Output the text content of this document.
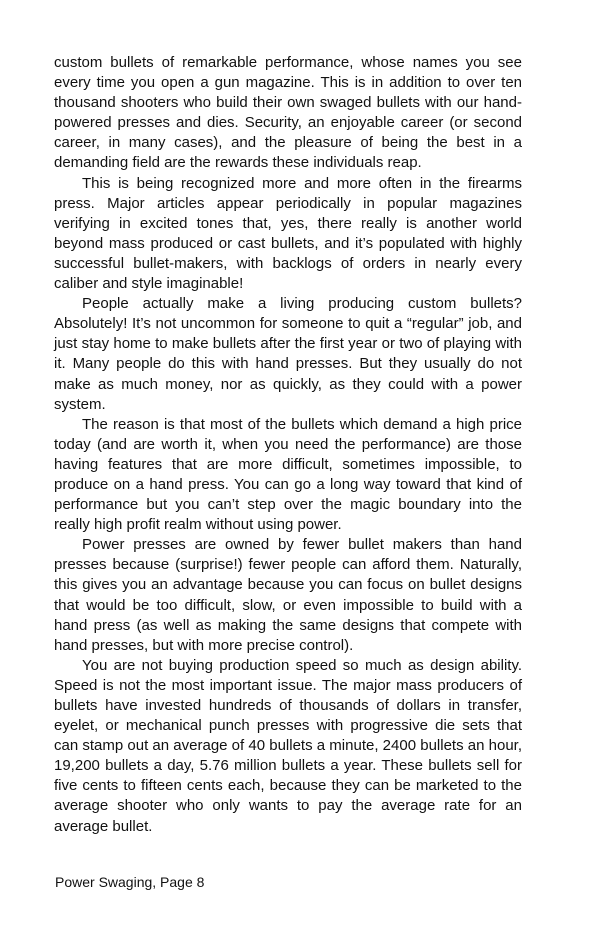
custom bullets of remarkable performance, whose names you see every time you open a gun magazine. This is in addition to over ten thousand shooters who build their own swaged bullets with our hand-powered presses and dies. Security, an enjoyable career (or second career, in many cases), and the pleasure of being the best in a demanding field are the rewards these individuals reap.

This is being recognized more and more often in the firearms press. Major articles appear periodically in popular magazines verifying in excited tones that, yes, there really is another world beyond mass produced or cast bullets, and it’s populated with highly successful bullet-makers, with backlogs of orders in nearly every caliber and style imaginable!

People actually make a living producing custom bullets? Absolutely! It’s not uncommon for someone to quit a “regular” job, and just stay home to make bullets after the first year or two of playing with it. Many people do this with hand presses. But they usually do not make as much money, nor as quickly, as they could with a power system.

The reason is that most of the bullets which demand a high price today (and are worth it, when you need the performance) are those having features that are more difficult, sometimes impossible, to produce on a hand press. You can go a long way toward that kind of performance but you can’t step over the magic boundary into the really high profit realm without using power.

Power presses are owned by fewer bullet makers than hand presses because (surprise!) fewer people can afford them. Naturally, this gives you an advantage because you can focus on bullet designs that would be too difficult, slow, or even impossible to build with a hand press (as well as making the same designs that compete with hand presses, but with more precise control).

You are not buying production speed so much as design ability. Speed is not the most important issue. The major mass producers of bullets have invested hundreds of thousands of dollars in transfer, eyelet, or mechanical punch presses with progressive die sets that can stamp out an average of 40 bullets a minute, 2400 bullets an hour, 19,200 bullets a day, 5.76 million bullets a year. These bullets sell for five cents to fifteen cents each, because they can be marketed to the average shooter who only wants to pay the average rate for an average bullet.

Power Swaging, Page 8
